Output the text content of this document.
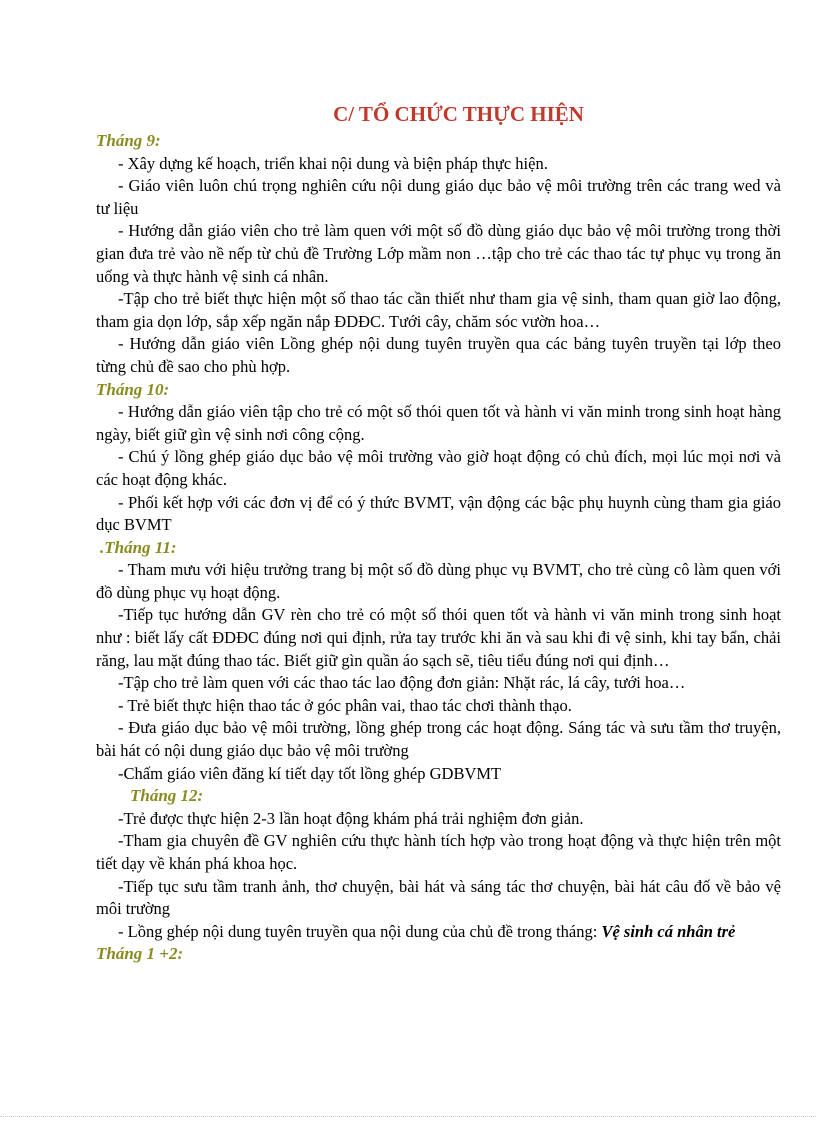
C/ TỔ CHỨC THỰC HIỆN
Tháng 9:

- Xây dựng kế hoạch, triển khai nội dung và biện pháp thực hiện.

- Giáo viên luôn chú trọng nghiên cứu nội dung giáo dục bảo vệ môi trường trên các trang wed và tư liệu

- Hướng dẫn giáo viên cho trẻ làm quen với một số đồ dùng giáo dục bảo vệ môi trường trong thời gian đưa trẻ vào nề nếp từ chủ đề Trường Lớp mầm non …tập cho trẻ các thao tác tự phục vụ trong ăn uống và thực hành vệ sinh cá nhân.

-Tập cho trẻ biết thực hiện một số thao tác cần thiết như tham gia vệ sinh, tham quan giờ lao động, tham gia dọn lớp, sắp xếp ngăn nắp ĐDĐC. Tưới cây, chăm sóc vườn hoa…

- Hướng dẫn giáo viên Lồng ghép nội dung tuyên truyền qua các bảng tuyên truyền tại lớp theo từng chủ đề sao cho phù hợp.

Tháng 10:

- Hướng dẫn giáo viên tập cho trẻ có một số thói quen tốt và hành vi văn minh trong sinh hoạt hàng ngày, biết giữ gìn vệ sinh nơi công cộng.

- Chú ý lồng ghép giáo dục bảo vệ môi trường vào giờ hoạt động có chủ đích, mọi lúc mọi nơi và các hoạt động khác.

- Phối kết hợp với các đơn vị để có ý thức BVMT, vận động các bậc phụ huynh cùng tham gia giáo dục BVMT

.Tháng 11:

- Tham mưu với hiệu trưởng trang bị một số đồ dùng phục vụ BVMT, cho trẻ cùng cô làm quen với đồ dùng phục vụ hoạt động.

-Tiếp tục hướng dẫn GV rèn cho trẻ có một số thói quen tốt và hành vi văn minh trong sinh hoạt như : biết lấy cất ĐDĐC đúng nơi qui định, rửa tay trước khi ăn và sau khi đi vệ sinh, khi tay bẩn, chải răng, lau mặt đúng thao tác. Biết giữ gìn quần áo sạch sẽ, tiêu tiểu đúng nơi qui định…

-Tập cho trẻ làm quen với các thao tác lao động đơn giản: Nhặt rác, lá cây, tưới hoa…

- Trẻ biết thực hiện thao tác ở góc phân vai, thao tác chơi thành thạo.

- Đưa giáo dục bảo vệ môi trường, lồng ghép trong các hoạt động. Sáng tác và sưu tầm thơ truyện, bài hát có nội dung giáo dục bảo vệ môi trường

-Chấm giáo viên đăng kí tiết dạy tốt lồng ghép GDBVMT

Tháng 12:

-Trẻ được thực hiện 2-3 lần hoạt động khám phá trải nghiệm đơn giản.

-Tham gia chuyên đề GV nghiên cứu thực hành tích hợp vào trong hoạt động và thực hiện trên một tiết dạy về khán phá khoa học.

-Tiếp tục sưu tầm tranh ảnh, thơ chuyện, bài hát và sáng tác thơ chuyện, bài hát câu đố về bảo vệ môi trường

- Lồng ghép nội dung tuyên truyền qua nội dung của chủ đề trong tháng: Vệ sinh cá nhân trẻ

Tháng 1 +2:
